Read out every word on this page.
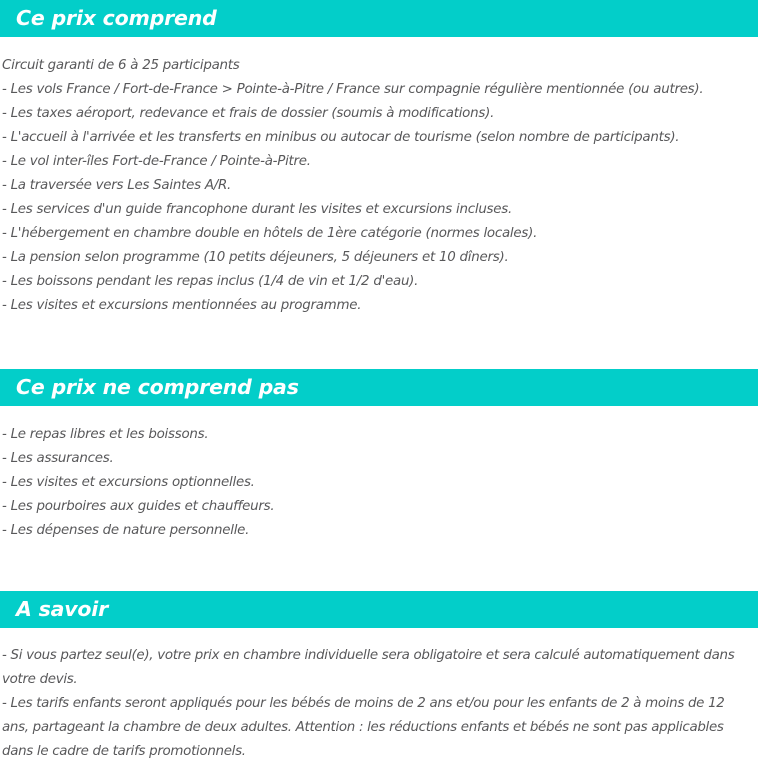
Ce prix comprend
Circuit garanti de 6 à 25 participants
- Les vols France / Fort-de-France > Pointe-à-Pitre / France sur compagnie régulière mentionnée (ou autres).
- Les taxes aéroport, redevance et frais de dossier (soumis à modifications).
- L'accueil à l'arrivée et les transferts en minibus ou autocar de tourisme (selon nombre de participants).
- Le vol inter-îles Fort-de-France / Pointe-à-Pitre.
- La traversée vers Les Saintes A/R.
- Les services d'un guide francophone durant les visites et excursions incluses.
- L'hébergement en chambre double en hôtels de 1ère catégorie (normes locales).
- La pension selon programme (10 petits déjeuners, 5 déjeuners et 10 dîners).
- Les boissons pendant les repas inclus (1/4 de vin et 1/2 d'eau).
- Les visites et excursions mentionnées au programme.
Ce prix ne comprend pas
- Le repas libres et les boissons.
- Les assurances.
- Les visites et excursions optionnelles.
- Les pourboires aux guides et chauffeurs.
- Les dépenses de nature personnelle.
A savoir
- Si vous partez seul(e), votre prix en chambre individuelle sera obligatoire et sera calculé automatiquement dans votre devis.
- Les tarifs enfants seront appliqués pour les bébés de moins de 2 ans et/ou pour les enfants de 2 à moins de 12 ans, partageant la chambre de deux adultes. Attention : les réductions enfants et bébés ne sont pas applicables dans le cadre de tarifs promotionnels.
